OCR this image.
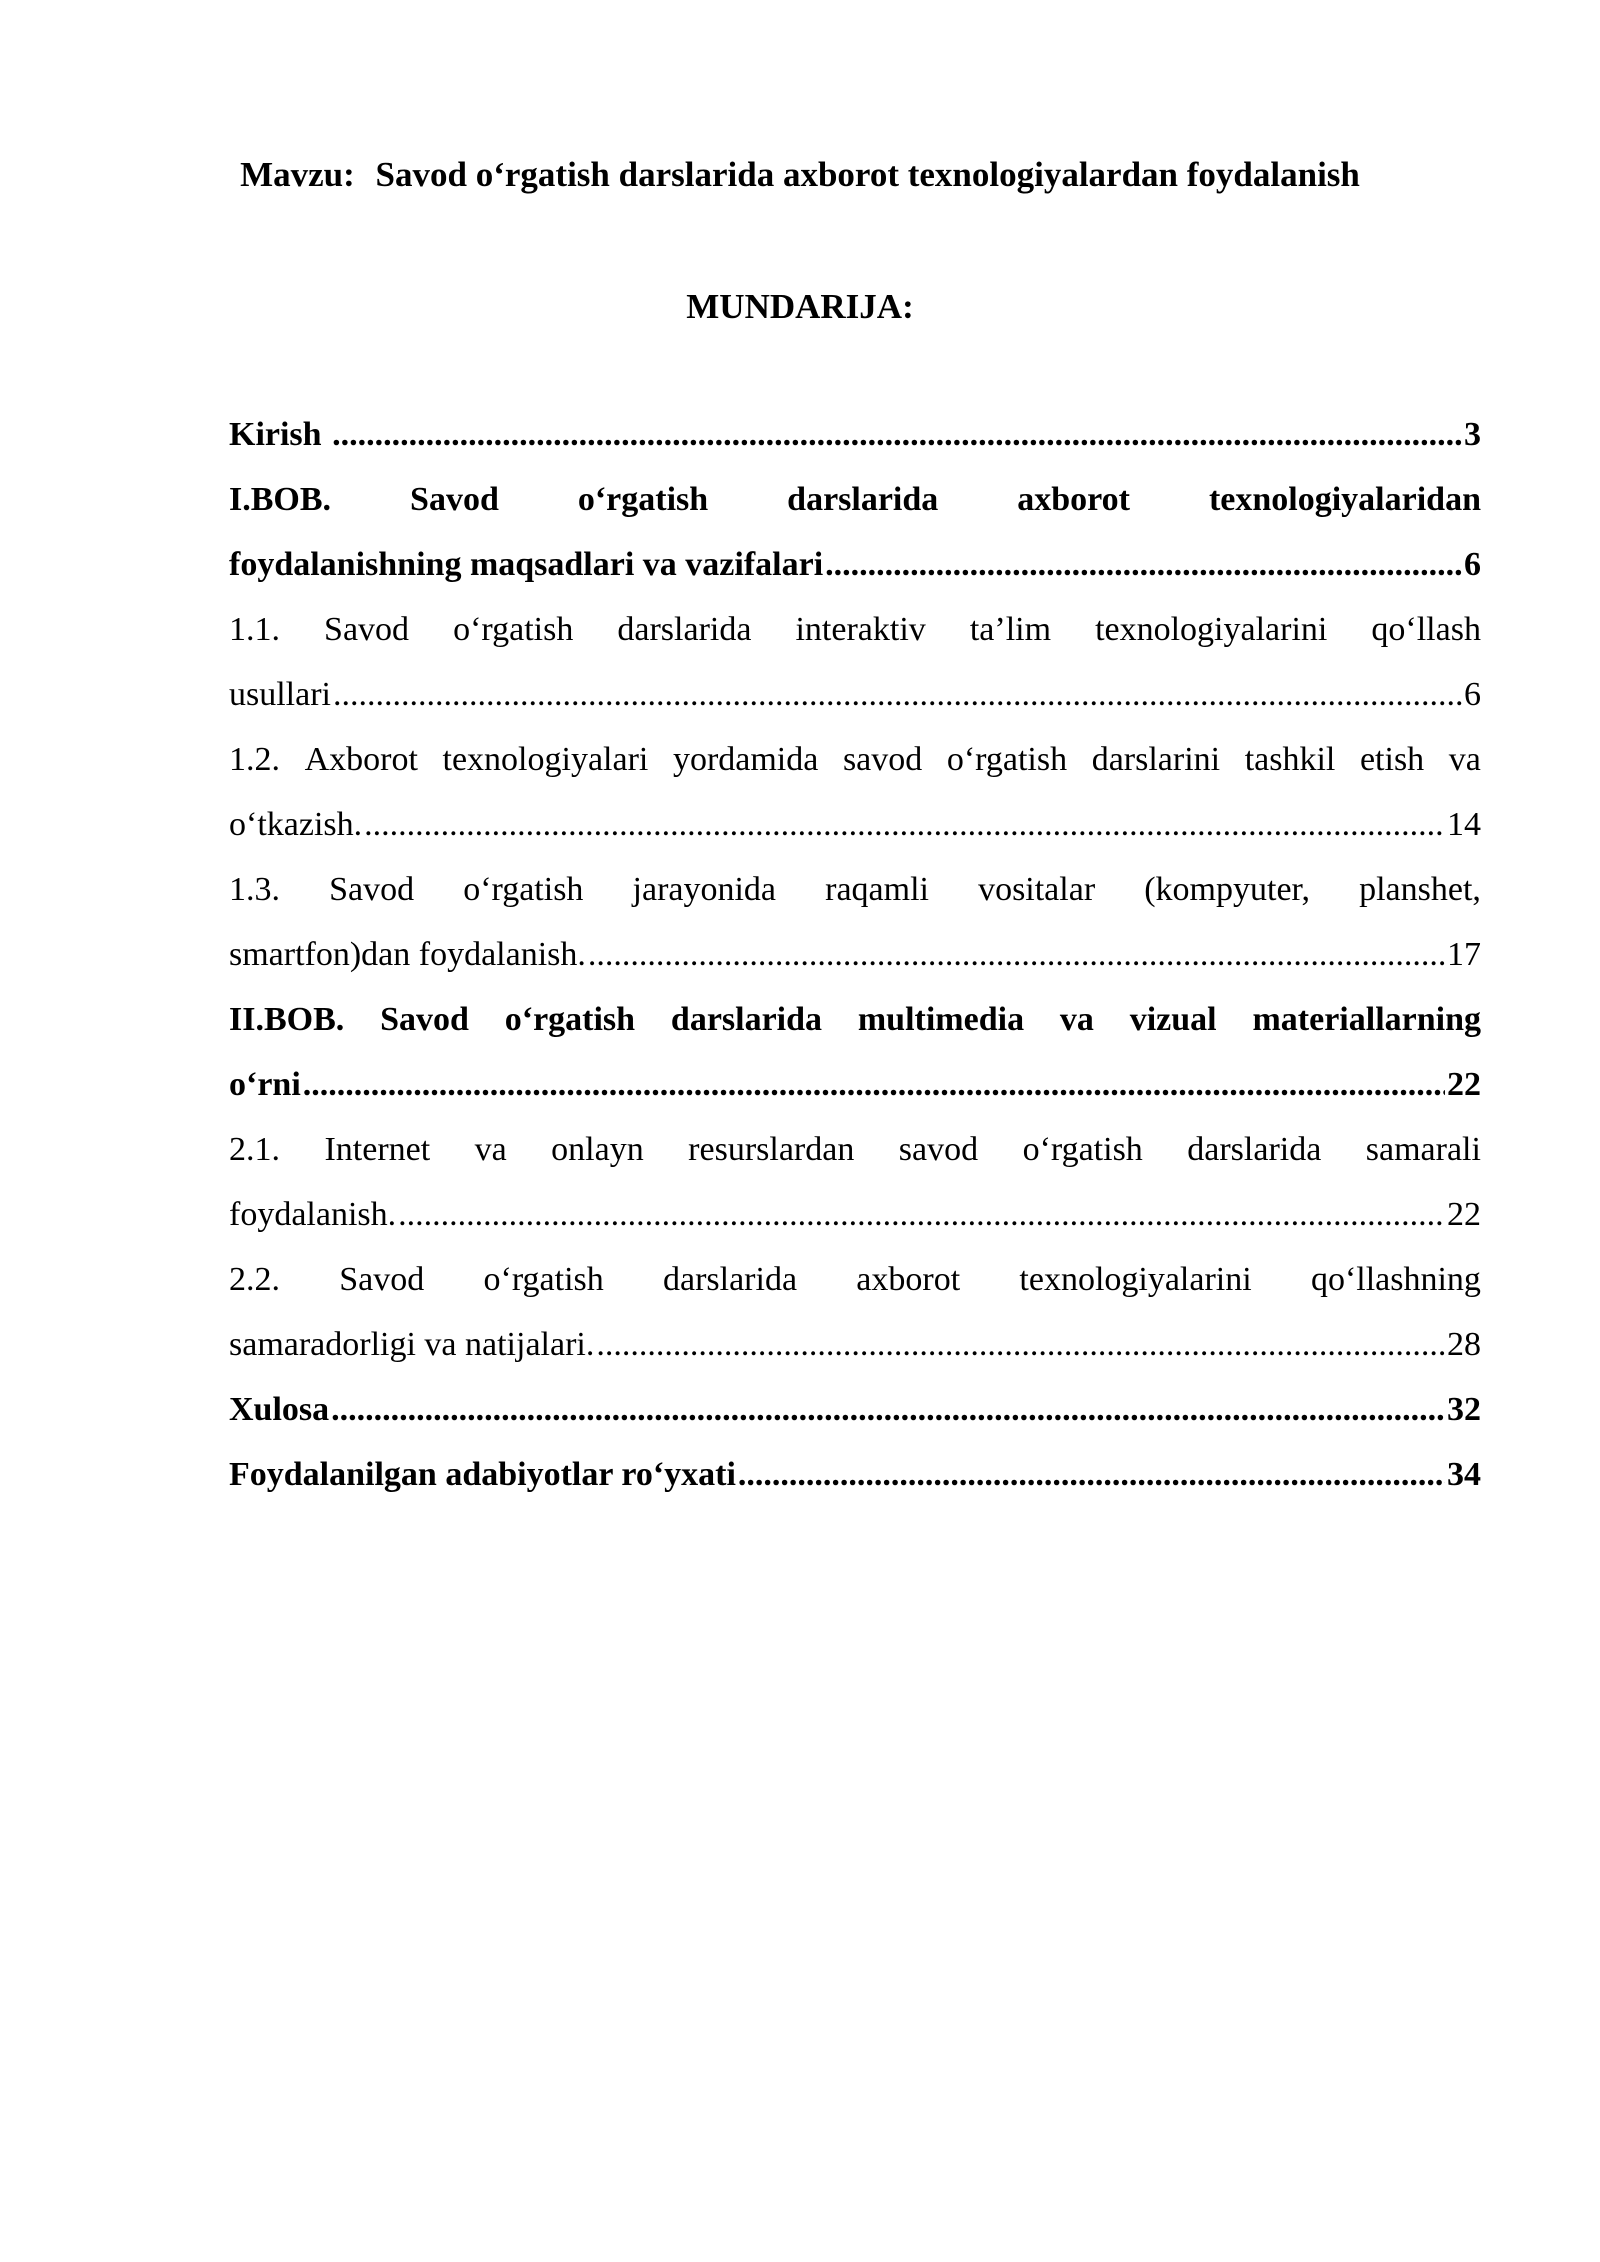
Mavzu: Savod o‘rgatish darslarida axborot texnologiyalardan foydalanish
MUNDARIJA:
Kirish .....	3
I.BOB. Savod o‘rgatish darslarida axborot texnologiyalaridan
foydalanishning maqsadlari va vazifalari .....	6
1.1. Savod o‘rgatish darslarida interaktiv ta’lim texnologiyalarini qo‘llash
usullari .....	6
1.2. Axborot texnologiyalari yordamida savod o‘rgatish darslarini tashkil etish va
o‘tkazish. .....	14
1.3. Savod o‘rgatish jarayonida raqamli vositalar (kompyuter, planshet,
smartfon)dan foydalanish. .....	17
II.BOB. Savod o‘rgatish darslarida multimedia va vizual materiallarning
o‘rni .....	22
2.1. Internet va onlayn resurslardan savod o‘rgatish darslarida samarali
foydalanish. .....	22
2.2. Savod o‘rgatish darslarida axborot texnologiyalarini qo‘llashning
samaradorligi va natijalari. .....	28
Xulosa .....	32
Foydalanilgan adabiyotlar ro‘yxati .....	34
